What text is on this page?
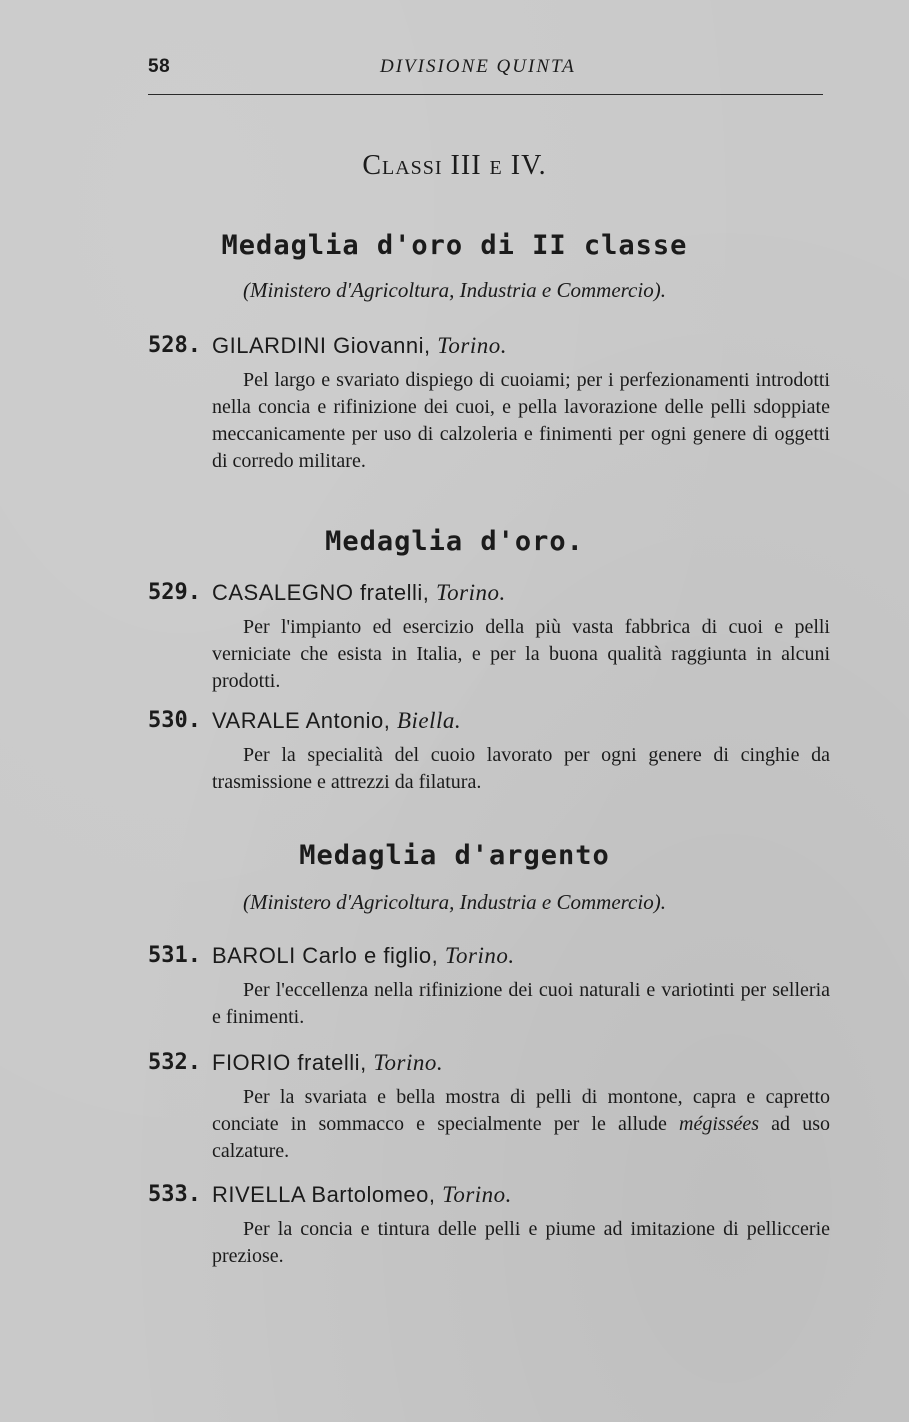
58	DIVISIONE QUINTA
Classi III e IV.
Medaglia d'oro di II classe
(Ministero d'Agricoltura, Industria e Commercio).
528. GILARDINI Giovanni, Torino.
Pel largo e svariato dispiego di cuoiami; per i perfezionamenti introdotti nella concia e rifinizione dei cuoi, e pella lavorazione delle pelli sdoppiate meccanicamente per uso di calzoleria e finimenti per ogni genere di oggetti di corredo militare.
Medaglia d'oro.
529. CASALEGNO fratelli, Torino.
Per l'impianto ed esercizio della più vasta fabbrica di cuoi e pelli verniciate che esista in Italia, e per la buona qualità raggiunta in alcuni prodotti.
530. VARALE Antonio, Biella.
Per la specialità del cuoio lavorato per ogni genere di cinghie da trasmissione e attrezzi da filatura.
Medaglia d'argento
(Ministero d'Agricoltura, Industria e Commercio).
531. BAROLI Carlo e figlio, Torino.
Per l'eccellenza nella rifinizione dei cuoi naturali e variotinti per selleria e finimenti.
532. FIORIO fratelli, Torino.
Per la svariata e bella mostra di pelli di montone, capra e capretto conciate in sommacco e specialmente per le allude mégissées ad uso calzature.
533. RIVELLA Bartolomeo, Torino.
Per la concia e tintura delle pelli e piume ad imitazione di pelliccerie preziose.
